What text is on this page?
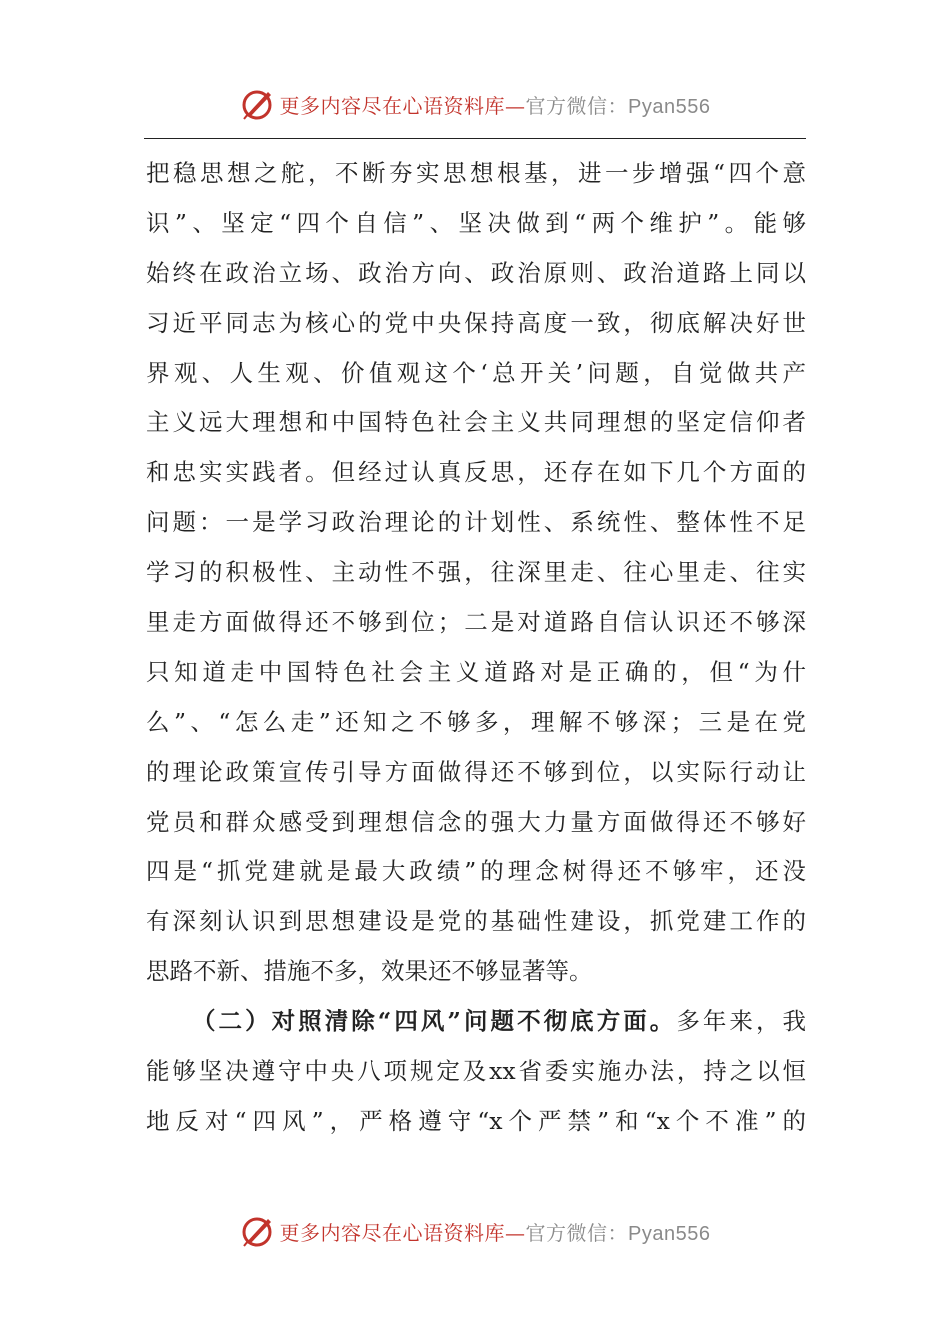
更多内容尽在心语资料库—官方微信：Pyan556
把稳思想之舵，不断夯实思想根基，进一步增强“四个意
识”、坚定“四个自信”、坚决做到“两个维护”。能够
始终在政治立场、政治方向、政治原则、政治道路上同以
习近平同志为核心的党中央保持高度一致，彻底解决好世
界观、人生观、价值观这个‘总开关’问题，自觉做共产
主义远大理想和中国特色社会主义共同理想的坚定信仰者
和忠实实践者。但经过认真反思，还存在如下几个方面的
问题：一是学习政治理论的计划性、系统性、整体性不足
学习的积极性、主动性不强，往深里走、往心里走、往实
里走方面做得还不够到位；二是对道路自信认识还不够深
只知道走中国特色社会主义道路对是正确的，但“为什
么”、“怎么走”还知之不够多，理解不够深；三是在党
的理论政策宣传引导方面做得还不够到位，以实际行动让
党员和群众感受到理想信念的强大力量方面做得还不够好
四是“抓党建就是最大政绩”的理念树得还不够牢，还没
有深刻认识到思想建设是党的基础性建设，抓党建工作的
思路不新、措施不多，效果还不够显著等。
（二）对照清除“四风”问题不彻底方面。多年来，我
能够坚决遵守中央八项规定及xx省委实施办法，持之以恒
地反对“四风”，严格遵守“x个严禁”和“x个不准”的
更多内容尽在心语资料库—官方微信：Pyan556
